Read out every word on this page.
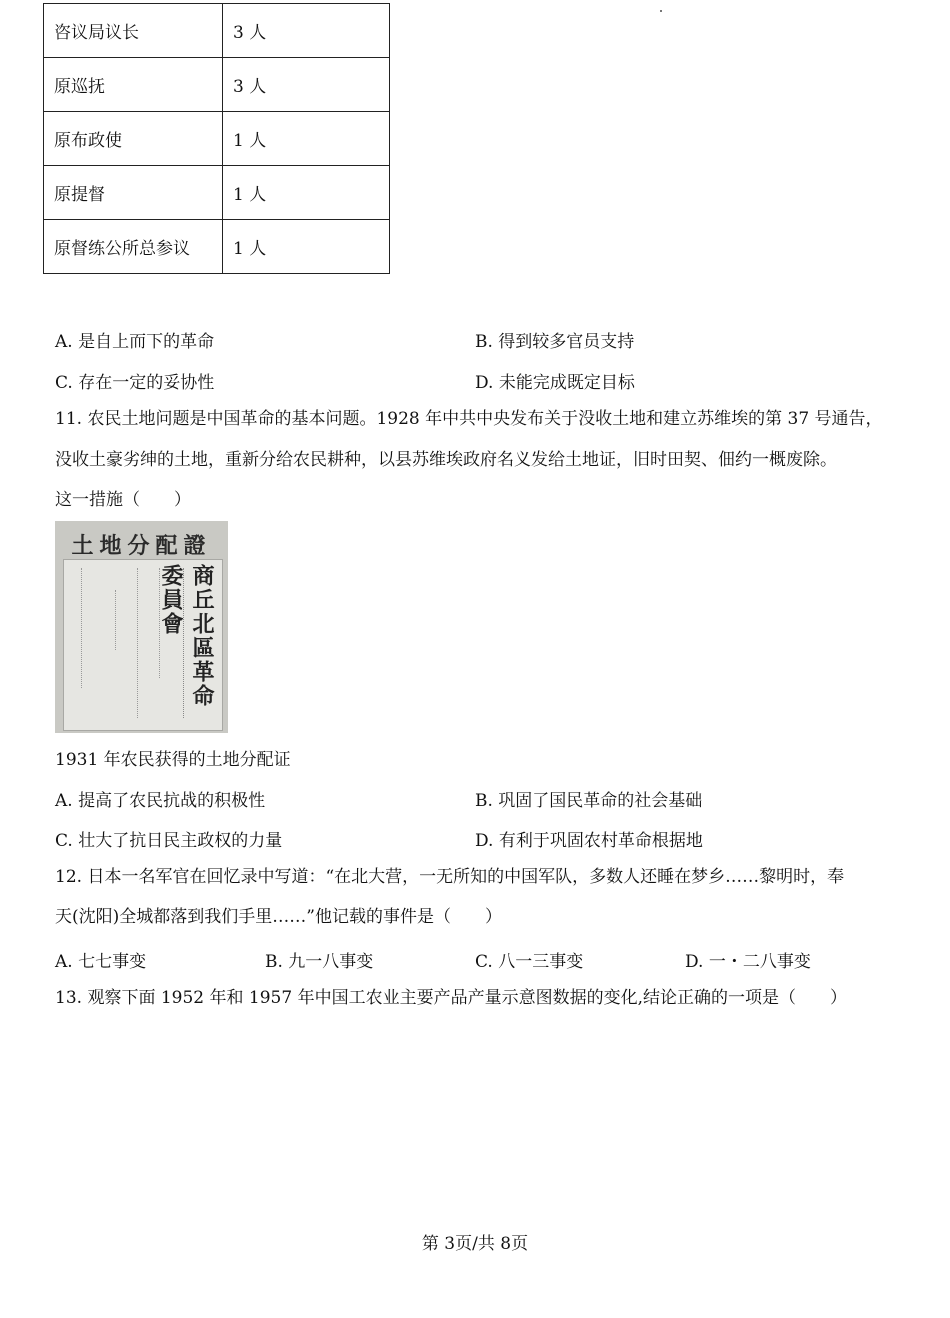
咨议局议长	3 人
原巡抚	3 人
原布政使	1 人
原提督	1 人
原督练公所总参议	1 人
A. 是自上而下的革命	B. 得到较多官员支持
C. 存在一定的妥协性	D. 未能完成既定目标
11. 农民土地问题是中国革命的基本问题。1928 年中共中央发布关于没收土地和建立苏维埃的第 37 号通告，
没收土豪劣绅的土地，重新分给农民耕种，以县苏维埃政府名义发给土地证，旧时田契、佃约一概废除。
这一措施（　　）
土地分配證
商丘北區革命委員會
1931 年农民获得的土地分配证
A. 提高了农民抗战的积极性	B. 巩固了国民革命的社会基础
C. 壮大了抗日民主政权的力量	D. 有利于巩固农村革命根据地
12. 日本一名军官在回忆录中写道：“在北大营，一无所知的中国军队，多数人还睡在梦乡……黎明时，奉
天(沈阳)全城都落到我们手里……”他记载的事件是（　　）
A. 七七事变	B. 九一八事变	C. 八一三事变	D. 一・二八事变
13. 观察下面 1952 年和 1957 年中国工农业主要产品产量示意图数据的变化,结论正确的一项是（　　）
第 3页/共 8页
